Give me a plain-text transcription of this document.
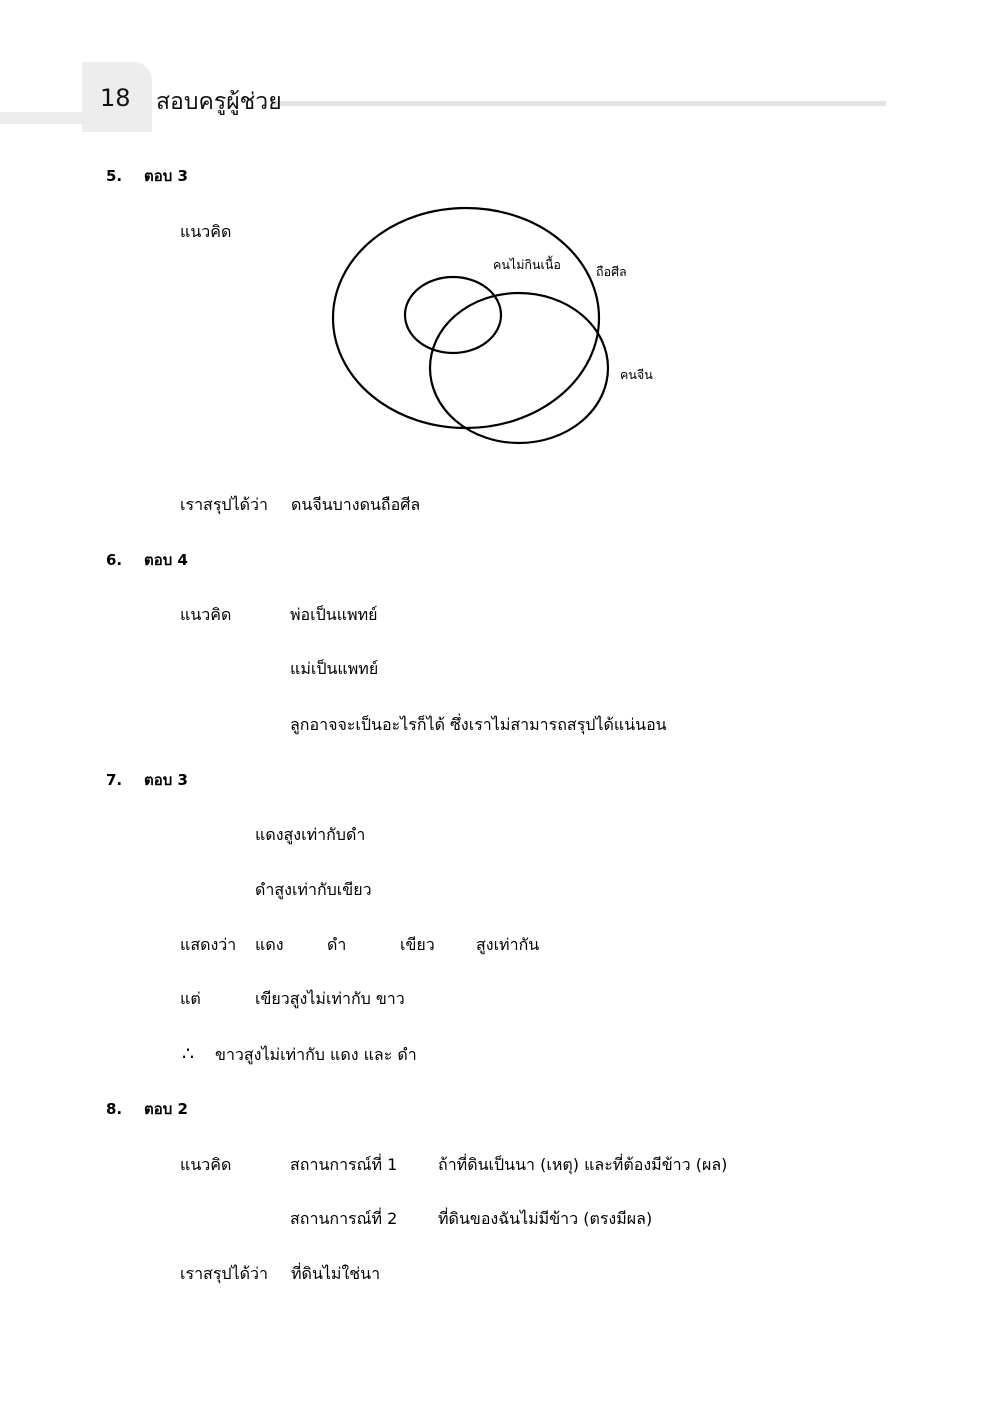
18 สอบครูผู้ช่วย
5. ตอบ 3
แนวคิด
คนไม่กินเนื้อ	ถือศีล
คนจีน
เราสรุปได้ว่า ดนจีนบางดนถือศีล
6. ตอบ 4
แนวคิด	พ่อเป็นแพทย์
แม่เป็นแพทย์
ลูกอาจจะเป็นอะไรก็ได้ ซึ่งเราไม่สามารถสรุปได้แน่นอน
7. ตอบ 3
แดงสูงเท่ากับดำ
ดำสูงเท่ากับเขียว
แสดงว่า แดง	ดำ	เขียว	สูงเท่ากัน
แต่	เขียวสูงไม่เท่ากับ ขาว
∴ ขาวสูงไม่เท่ากับ แดง และ ดำ
8. ตอบ 2
แนวคิด	สถานการณ์ที่ 1	ถ้าที่ดินเป็นนา (เหตุ) และที่ต้องมีข้าว (ผล)
สถานการณ์ที่ 2	ที่ดินของฉันไม่มีข้าว (ตรงมีผล)
เราสรุปได้ว่า ที่ดินไม่ใช่นา
